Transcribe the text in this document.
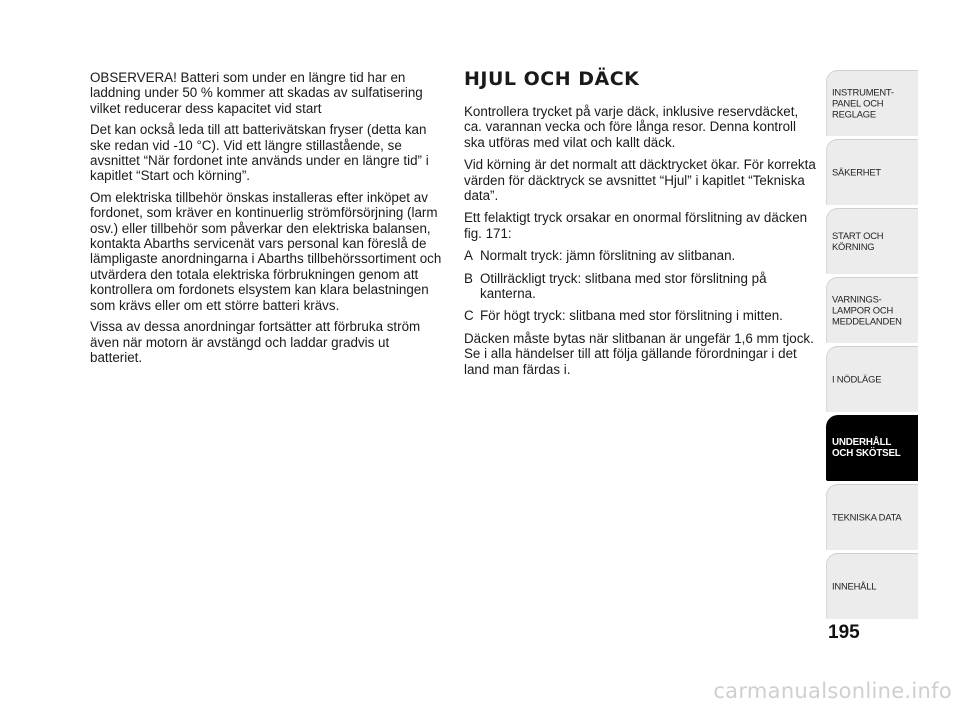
OBSERVERA! Batteri som under en längre tid har en laddning under 50 % kommer att skadas av sulfatisering vilket reducerar dess kapacitet vid start

Det kan också leda till att batterivätskan fryser (detta kan ske redan vid -10 °C). Vid ett längre stillastående, se avsnittet “När fordonet inte används under en längre tid” i kapitlet “Start och körning”.

Om elektriska tillbehör önskas installeras efter inköpet av fordonet, som kräver en kontinuerlig strömförsörjning (larm osv.) eller tillbehör som påverkar den elektriska balansen, kontakta Abarths servicenät vars personal kan föreslå de lämpligaste anordningarna i Abarths tillbehörssortiment och utvärdera den totala elektriska förbrukningen genom att kontrollera om fordonets elsystem kan klara belastningen som krävs eller om ett större batteri krävs.

Vissa av dessa anordningar fortsätter att förbruka ström även när motorn är avstängd och laddar gradvis ut batteriet.

HJUL OCH DÄCK

Kontrollera trycket på varje däck, inklusive reservdäcket, ca. varannan vecka och före långa resor. Denna kontroll ska utföras med vilat och kallt däck.

Vid körning är det normalt att däcktrycket ökar. För korrekta värden för däcktryck se avsnittet “Hjul” i kapitlet “Tekniska data”.

Ett felaktigt tryck orsakar en onormal förslitning av däcken fig. 171:

A Normalt tryck: jämn förslitning av slitbanan.
B Otillräckligt tryck: slitbana med stor förslitning på kanterna.
C För högt tryck: slitbana med stor förslitning i mitten.

Däcken måste bytas när slitbanan är ungefär 1,6 mm tjock. Se i alla händelser till att följa gällande förordningar i det land man färdas i.

INSTRUMENT-
PANEL OCH
REGLAGE
SÄKERHET
START OCH
KÖRNING
VARNINGS-
LAMPOR OCH
MEDDELANDEN
I NÖDLÄGE
UNDERHÅLL
OCH SKÖTSEL
TEKNISKA DATA
INNEHÅLL
195
carmanualsonline.info
